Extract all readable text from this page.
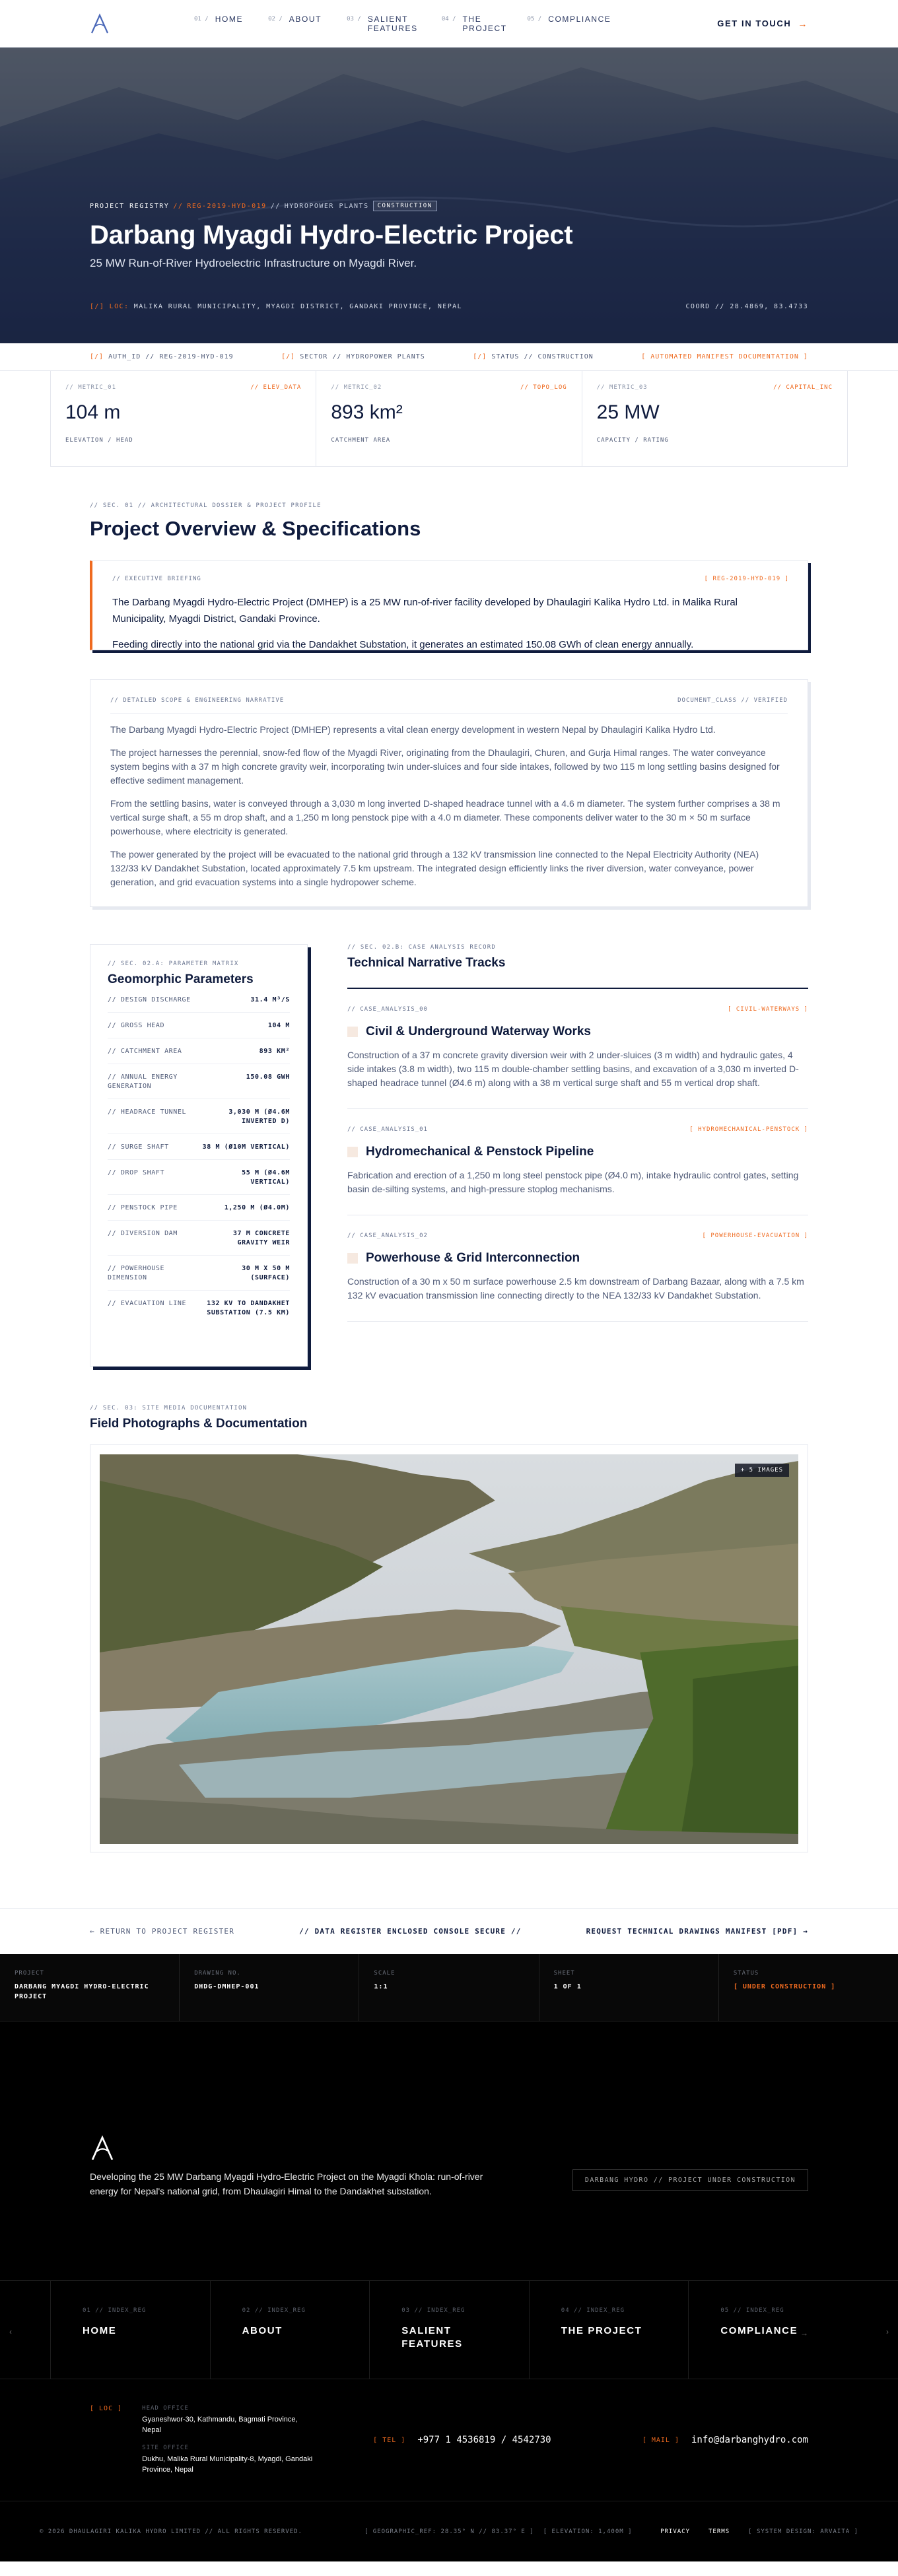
01 / HOME	02 / ABOUT	03 / SALIENT FEATURES
04 / THE PROJECT
05 / COMPLIANCE	GET IN TOUCH →
PROJECT REGISTRY // REG-2019-HYD-019 // HYDROPOWER PLANTS	CONSTRUCTION
Darbang Myagdi Hydro-Electric Project

25 MW Run-of-River Hydroelectric Infrastructure on Myagdi River.

[/] LOC: MALIKA RURAL MUNICIPALITY, MYAGDI DISTRICT, GANDAKI PROVINCE, NEPAL	COORD // 28.4869, 83.4733
[/] AUTH_ID // REG-2019-HYD-019	[/] SECTOR // HYDROPOWER PLANTS	[/] STATUS // CONSTRUCTION	[ AUTOMATED MANIFEST DOCUMENTATION ]
// METRIC_01	// ELEV_DATA
104 m
ELEVATION / HEAD
// METRIC_02	// TOPO_LOG
893 km²
CATCHMENT AREA
// METRIC_03	// CAPITAL_INC
25 MW
CAPACITY / RATING
// SEC. 01 // ARCHITECTURAL DOSSIER & PROJECT PROFILE
Project Overview & Specifications
// EXECUTIVE BRIEFING	[ REG-2019-HYD-019 ]

The Darbang Myagdi Hydro-Electric Project (DMHEP) is a 25 MW run-of-river facility developed by Dhaulagiri Kalika Hydro Ltd. in Malika Rural Municipality, Myagdi District, Gandaki Province.

Feeding directly into the national grid via the Dandakhet Substation, it generates an estimated 150.08 GWh of clean energy annually.

// DETAILED SCOPE & ENGINEERING NARRATIVE	DOCUMENT_CLASS // VERIFIED

The Darbang Myagdi Hydro-Electric Project (DMHEP) represents a vital clean energy development in western Nepal by Dhaulagiri Kalika Hydro Ltd.

The project harnesses the perennial, snow-fed flow of the Myagdi River, originating from the Dhaulagiri, Churen, and Gurja Himal ranges. The water conveyance system begins with a 37 m high concrete gravity weir, incorporating twin under-sluices and four side intakes, followed by two 115 m long settling basins designed for effective sediment management.

From the settling basins, water is conveyed through a 3,030 m long inverted D-shaped headrace tunnel with a 4.6 m diameter. The system further comprises a 38 m vertical surge shaft, a 55 m drop shaft, and a 1,250 m long penstock pipe with a 4.0 m diameter. These components deliver water to the 30 m × 50 m surface powerhouse, where electricity is generated.

The power generated by the project will be evacuated to the national grid through a 132 kV transmission line connected to the Nepal Electricity Authority (NEA) 132/33 kV Dandakhet Substation, located approximately 7.5 km upstream. The integrated design efficiently links the river diversion, water conveyance, power generation, and grid evacuation systems into a single hydropower scheme.

// SEC. 02.A: PARAMETER MATRIX
Geomorphic Parameters
// DESIGN DISCHARGE	31.4 M³/S
// GROSS HEAD	104 M
// CATCHMENT AREA	893 KM²
// ANNUAL ENERGY GENERATION
150.08 GWH
// HEADRACE TUNNEL	3,030 M (Ø4.6M INVERTED D)
// SURGE SHAFT	38 M (Ø10M VERTICAL)
// DROP SHAFT	55 M (Ø4.6M VERTICAL)
// PENSTOCK PIPE	1,250 M (Ø4.0M)
// DIVERSION DAM	37 M CONCRETE GRAVITY WEIR
// POWERHOUSE DIMENSION
30 M X 50 M (SURFACE)
// EVACUATION LINE	132 KV TO DANDAKHET SUBSTATION (7.5 KM)
// SEC. 02.B: CASE ANALYSIS RECORD
Technical Narrative Tracks
// CASE_ANALYSIS_00	[ CIVIL-WATERWAYS ]
Civil & Underground Waterway Works

Construction of a 37 m concrete gravity diversion weir with 2 under-sluices (3 m width) and hydraulic gates, 4 side intakes (3.8 m width), two 115 m double-chamber settling basins, and excavation of a 3,030 m inverted D-shaped headrace tunnel (Ø4.6 m) along with a 38 m vertical surge shaft and 55 m vertical drop shaft.

// CASE_ANALYSIS_01	[ HYDROMECHANICAL-PENSTOCK ]
Hydromechanical & Penstock Pipeline

Fabrication and erection of a 1,250 m long steel penstock pipe (Ø4.0 m), intake hydraulic control gates, setting basin de-silting systems, and high-pressure stoplog mechanisms.

// CASE_ANALYSIS_02	[ POWERHOUSE-EVACUATION ]
Powerhouse & Grid Interconnection

Construction of a 30 m x 50 m surface powerhouse 2.5 km downstream of Darbang Bazaar, along with a 7.5 km 132 kV evacuation transmission line connecting directly to the NEA 132/33 kV Dandakhet Substation.

// SEC. 03: SITE MEDIA DOCUMENTATION
Field Photographs & Documentation
+ 5 IMAGES
← RETURN TO PROJECT REGISTER	// DATA REGISTER ENCLOSED CONSOLE SECURE //	REQUEST TECHNICAL DRAWINGS MANIFEST [PDF] →
PROJECT
DARBANG MYAGDI HYDRO-ELECTRIC PROJECT
DRAWING NO.
DHDG-DMHEP-001
SCALE
1:1
SHEET
1 OF 1
STATUS
[ UNDER CONSTRUCTION ]

Developing the 25 MW Darbang Myagdi Hydro-Electric Project on the Myagdi Khola: run-of-river energy for Nepal's national grid, from Dhaulagiri Himal to the Dandakhet substation.

DARBANG HYDRO // PROJECT UNDER CONSTRUCTION
‹
01 // INDEX_REG
HOME
02 // INDEX_REG
ABOUT
03 // INDEX_REG
SALIENT FEATURES
04 // INDEX_REG
THE PROJECT
05 // INDEX_REG
COMPLIANCE →	›
[ LOC ]	HEAD OFFICE
Gyaneshwor-30, Kathmandu, Bagmati Province, Nepal
SITE OFFICE
Dukhu, Malika Rural Municipality-8, Myagdi, Gandaki Province, Nepal
[ TEL ] +977 1 4536819 / 4542730	[ MAIL ] info@darbanghydro.com
© 2026 DHAULAGIRI KALIKA HYDRO LIMITED // ALL RIGHTS RESERVED.	[ GEOGRAPHIC_REF: 28.35° N // 83.37° E ] [ ELEVATION: 1,400M ]	PRIVACY	TERMS	[ SYSTEM DESIGN: ARVAITA ]
